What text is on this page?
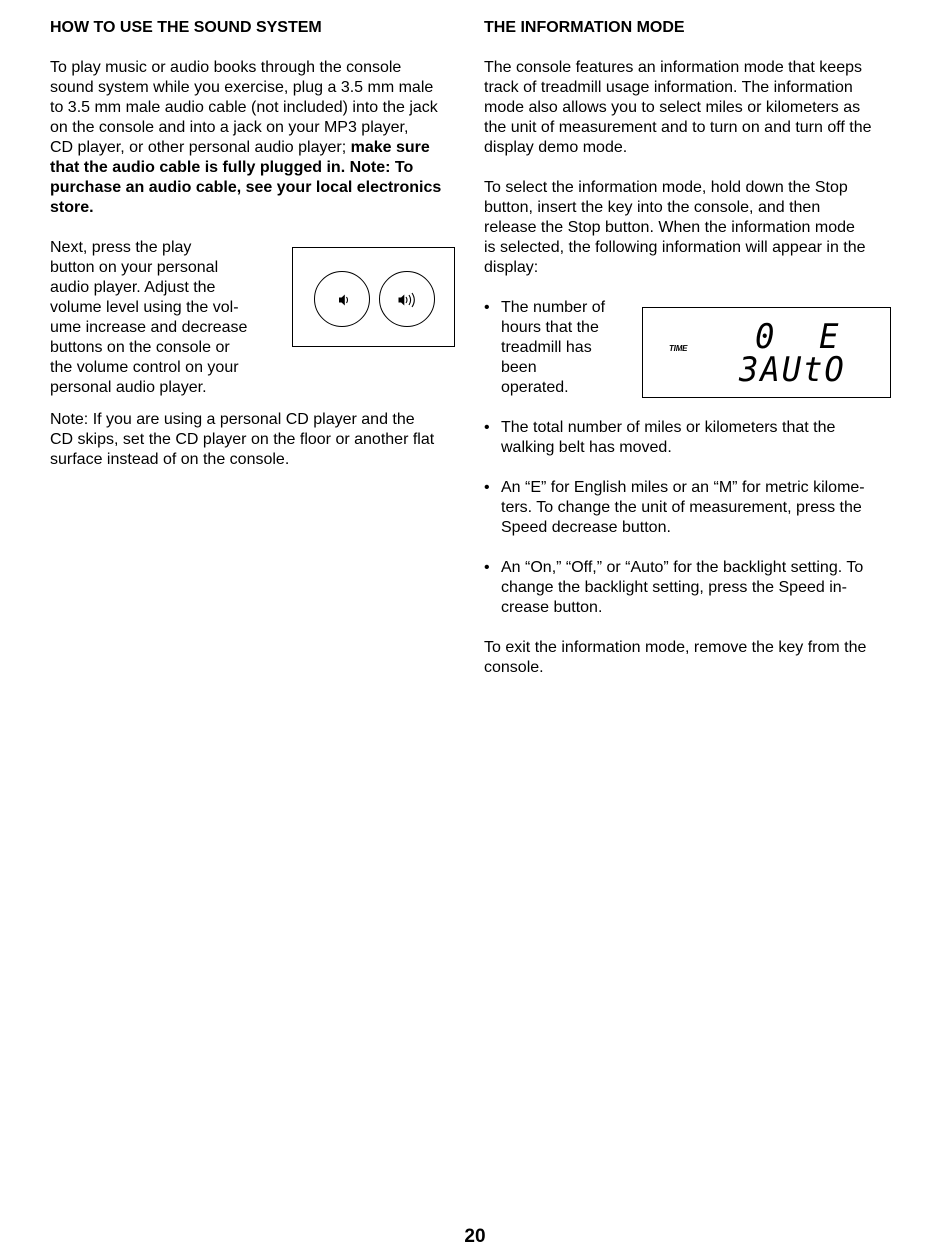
HOW TO USE THE SOUND SYSTEM
To play music or audio books through the console
sound system while you exercise, plug a 3.5 mm male
to 3.5 mm male audio cable (not included) into the jack
on the console and into a jack on your MP3 player,
CD player, or other personal audio player; make sure
that the audio cable is fully plugged in. Note: To
purchase an audio cable, see your local electronics
store.
Next, press the play
button on your personal
audio player. Adjust the
volume level using the vol-
ume increase and decrease
buttons on the console or
the volume control on your
personal audio player.
Note: If you are using a personal CD player and the
CD skips, set the CD player on the floor or another flat
surface instead of on the console.
THE INFORMATION MODE
The console features an information mode that keeps
track of treadmill usage information. The information
mode also allows you to select miles or kilometers as
the unit of measurement and to turn on and turn off the
display demo mode.
To select the information mode, hold down the Stop
button, insert the key into the console, and then
release the Stop button. When the information mode
is selected, the following information will appear in the
display:
• The number of
hours that the
treadmill has
been
operated.
• The total number of miles or kilometers that the
walking belt has moved.
• An “E” for English miles or an “M” for metric kilome-
ters. To change the unit of measurement, press the
Speed decrease button.
• An “On,” “Off,” or “Auto” for the backlight setting. To
change the backlight setting, press the Speed in-
crease button.
To exit the information mode, remove the key from the
console.
TIME 0  E
3AUtO
20
